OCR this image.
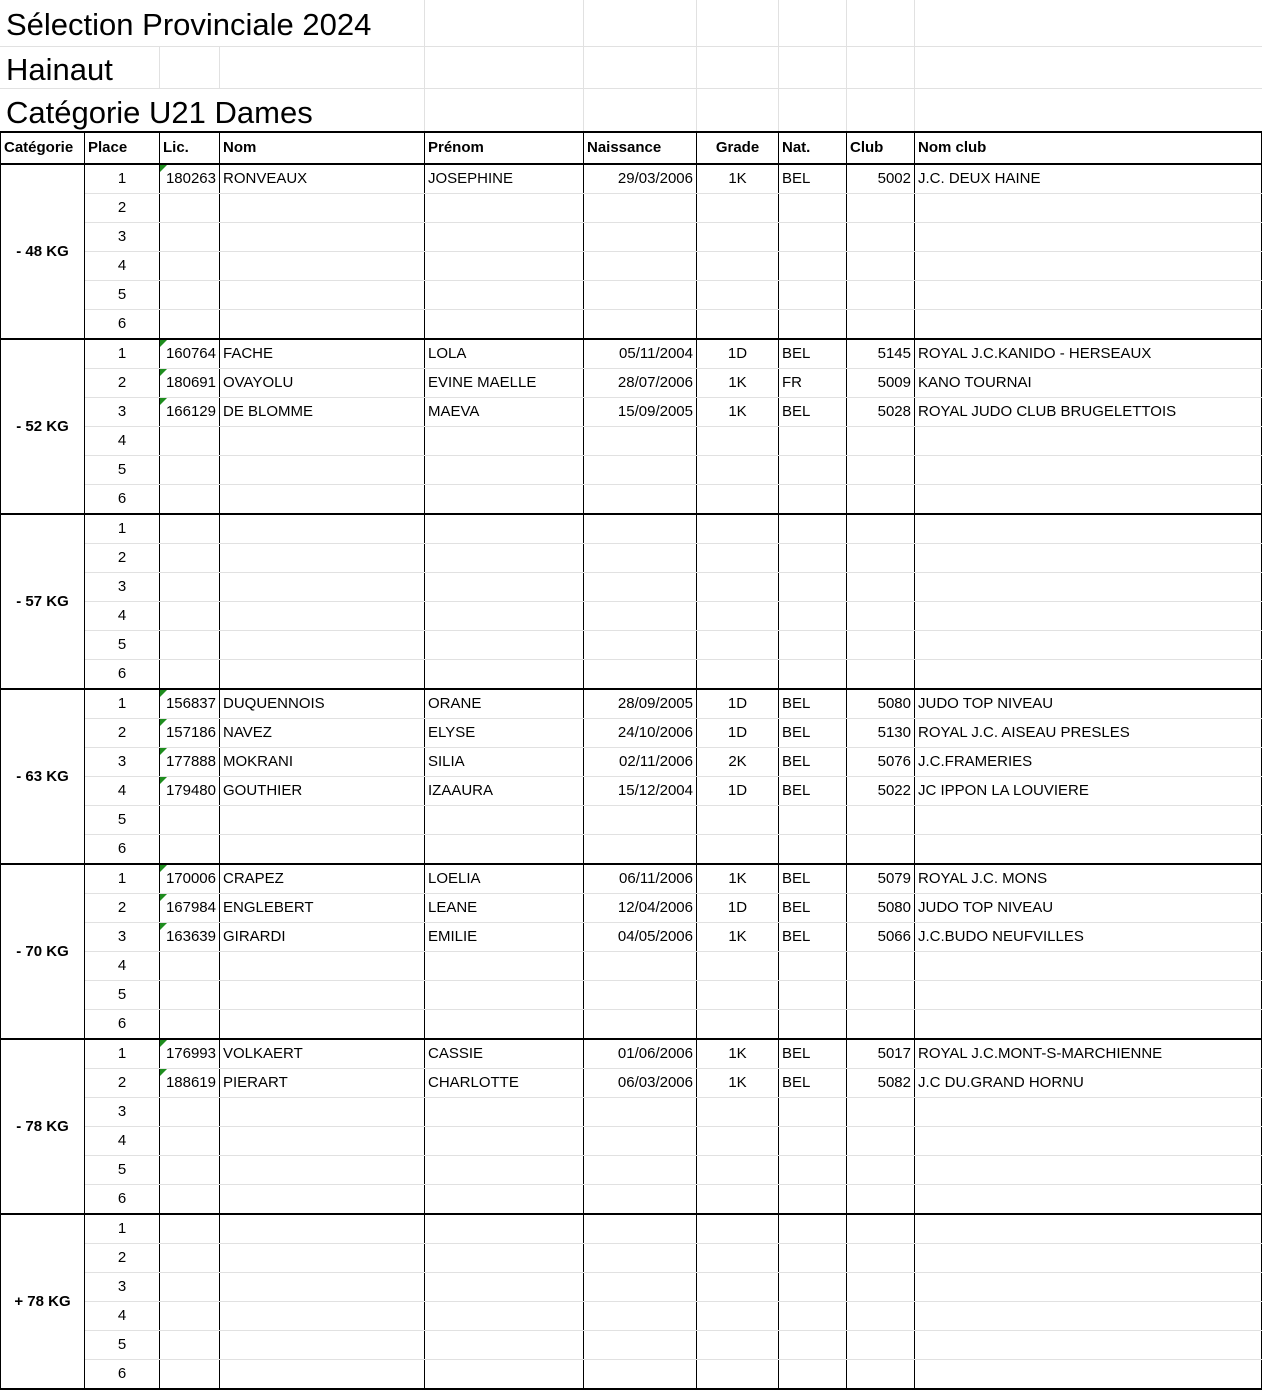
Sélection Provinciale 2024
Hainaut
Catégorie U21 Dames
Catégorie	Place	Lic.	Nom	Prénom	Naissance	Grade	Nat.	Club	Nom club
- 48 KG	1	180263	RONVEAUX	JOSEPHINE	29/03/2006	1K	BEL	5002	J.C. DEUX HAINE
	2								
	3								
	4								
	5								
	6								
- 52 KG	1	160764	FACHE	LOLA	05/11/2004	1D	BEL	5145	ROYAL J.C.KANIDO - HERSEAUX
	2	180691	OVAYOLU	EVINE MAELLE	28/07/2006	1K	FR	5009	KANO TOURNAI
	3	166129	DE BLOMME	MAEVA	15/09/2005	1K	BEL	5028	ROYAL JUDO CLUB BRUGELETTOIS
	4								
	5								
	6								
- 57 KG	1								
	2								
	3								
	4								
	5								
	6								
- 63 KG	1	156837	DUQUENNOIS	ORANE	28/09/2005	1D	BEL	5080	JUDO TOP NIVEAU
	2	157186	NAVEZ	ELYSE	24/10/2006	1D	BEL	5130	ROYAL J.C. AISEAU PRESLES
	3	177888	MOKRANI	SILIA	02/11/2006	2K	BEL	5076	J.C.FRAMERIES
	4	179480	GOUTHIER	IZAAURA	15/12/2004	1D	BEL	5022	JC IPPON LA LOUVIERE
	5								
	6								
- 70 KG	1	170006	CRAPEZ	LOELIA	06/11/2006	1K	BEL	5079	ROYAL J.C. MONS
	2	167984	ENGLEBERT	LEANE	12/04/2006	1D	BEL	5080	JUDO TOP NIVEAU
	3	163639	GIRARDI	EMILIE	04/05/2006	1K	BEL	5066	J.C.BUDO NEUFVILLES
	4								
	5								
	6								
- 78 KG	1	176993	VOLKAERT	CASSIE	01/06/2006	1K	BEL	5017	ROYAL J.C.MONT-S-MARCHIENNE
	2	188619	PIERART	CHARLOTTE	06/03/2006	1K	BEL	5082	J.C DU.GRAND HORNU
	3								
	4								
	5								
	6								
+ 78 KG	1								
	2								
	3								
	4								
	5								
	6								
